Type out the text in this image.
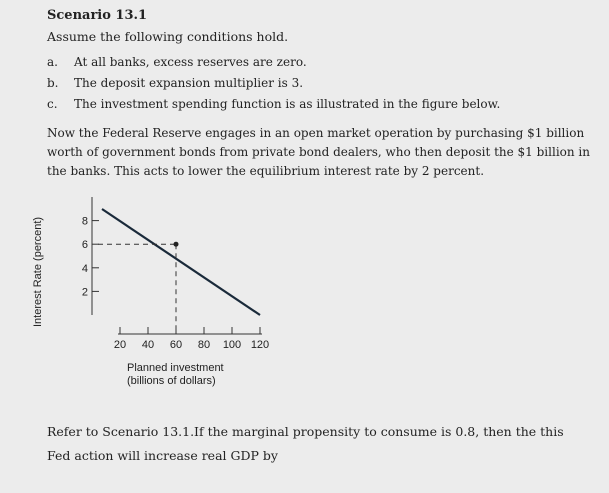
Scenario 13.1
Assume the following conditions hold.
a. At all banks, excess reserves are zero.
b. The deposit expansion multiplier is 3.
c. The investment spending function is as illustrated in the figure below.
Now the Federal Reserve engages in an open market operation by purchasing $1 billion worth of government bonds from private bond dealers, who then deposit the $1 billion in the banks. This acts to lower the equilibrium interest rate by 2 percent.
Interest Rate (percent)	2
4
6
8
20 40 60 80 100 120
Planned investment
(billions of dollars)
Refer to Scenario 13.1.If the marginal propensity to consume is 0.8, then the this Fed action will increase real GDP by
